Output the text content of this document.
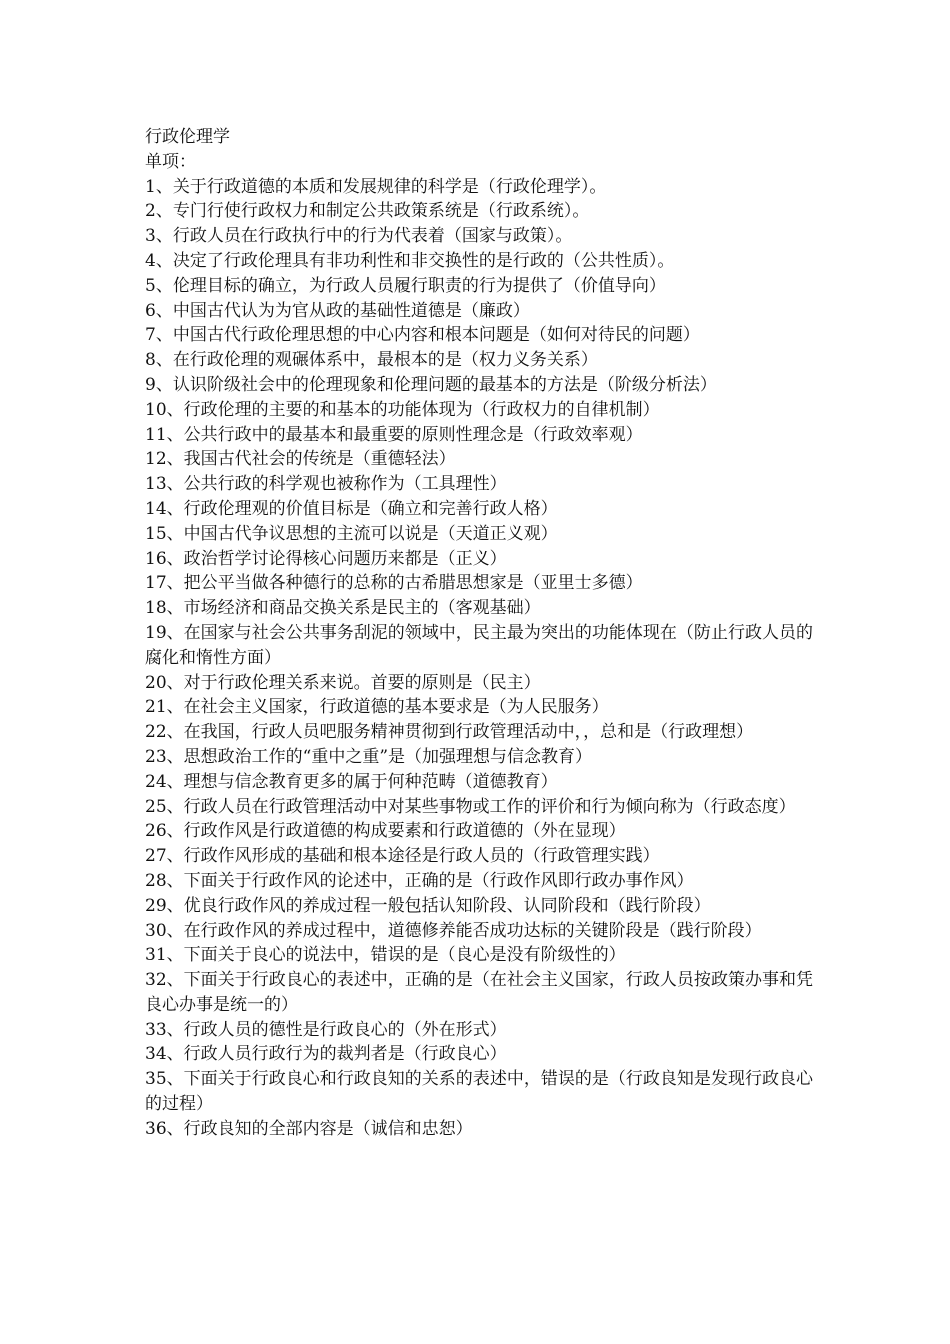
行政伦理学
单项：
1、关于行政道德的本质和发展规律的科学是（行政伦理学）。
2、专门行使行政权力和制定公共政策系统是（行政系统）。
3、行政人员在行政执行中的行为代表着（国家与政策）。
4、决定了行政伦理具有非功利性和非交换性的是行政的（公共性质）。
5、伦理目标的确立，为行政人员履行职责的行为提供了（价值导向）
6、中国古代认为为官从政的基础性道德是（廉政）
7、中国古代行政伦理思想的中心内容和根本问题是（如何对待民的问题）
8、在行政伦理的观碾体系中，最根本的是（权力义务关系）
9、认识阶级社会中的伦理现象和伦理问题的最基本的方法是（阶级分析法）
10、行政伦理的主要的和基本的功能体现为（行政权力的自律机制）
11、公共行政中的最基本和最重要的原则性理念是（行政效率观）
12、我国古代社会的传统是（重德轻法）
13、公共行政的科学观也被称作为（工具理性）
14、行政伦理观的价值目标是（确立和完善行政人格）
15、中国古代争议思想的主流可以说是（天道正义观）
16、政治哲学讨论得核心问题历来都是（正义）
17、把公平当做各种德行的总称的古希腊思想家是（亚里士多德）
18、市场经济和商品交换关系是民主的（客观基础）
19、在国家与社会公共事务刮泥的领域中，民主最为突出的功能体现在（防止行政人员的腐化和惰性方面）
20、对于行政伦理关系来说。首要的原则是（民主）
21、在社会主义国家，行政道德的基本要求是（为人民服务）
22、在我国，行政人员吧服务精神贯彻到行政管理活动中，，总和是（行政理想）
23、思想政治工作的“重中之重”是（加强理想与信念教育）
24、理想与信念教育更多的属于何种范畴（道德教育）
25、行政人员在行政管理活动中对某些事物或工作的评价和行为倾向称为（行政态度）
26、行政作风是行政道德的构成要素和行政道德的（外在显现）
27、行政作风形成的基础和根本途径是行政人员的（行政管理实践）
28、下面关于行政作风的论述中，正确的是（行政作风即行政办事作风）
29、优良行政作风的养成过程一般包括认知阶段、认同阶段和（践行阶段）
30、在行政作风的养成过程中，道德修养能否成功达标的关键阶段是（践行阶段）
31、下面关于良心的说法中，错误的是（良心是没有阶级性的）
32、下面关于行政良心的表述中，正确的是（在社会主义国家，行政人员按政策办事和凭良心办事是统一的）
33、行政人员的德性是行政良心的（外在形式）
34、行政人员行政行为的裁判者是（行政良心）
35、下面关于行政良心和行政良知的关系的表述中，错误的是（行政良知是发现行政良心的过程）
36、行政良知的全部内容是（诚信和忠恕）
